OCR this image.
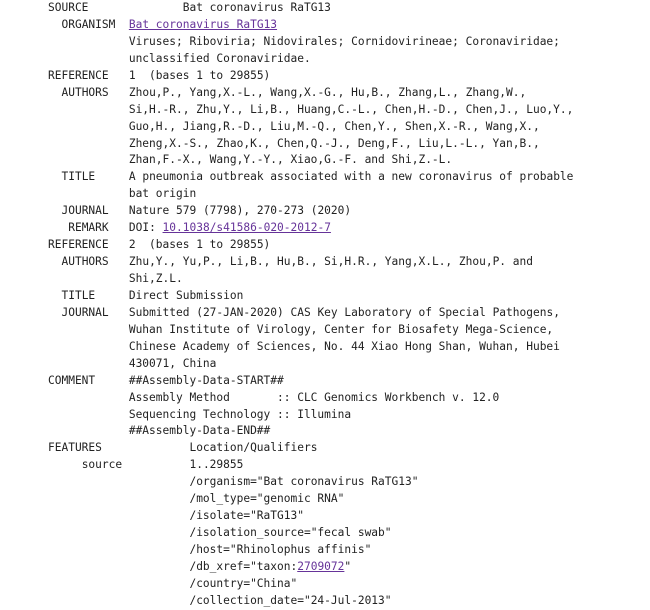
SOURCE	Bat coronavirus RaTG13
ORGANISM Bat coronavirus RaTG13
Viruses; Riboviria; Nidovirales; Cornidovirineae; Coronaviridae;
unclassified Coronaviridae.
REFERENCE 1  (bases 1 to 29855)
AUTHORS Zhou,P., Yang,X.-L., Wang,X.-G., Hu,B., Zhang,L., Zhang,W.,
Si,H.-R., Zhu,Y., Li,B., Huang,C.-L., Chen,H.-D., Chen,J., Luo,Y.,
Guo,H., Jiang,R.-D., Liu,M.-Q., Chen,Y., Shen,X.-R., Wang,X.,
Zheng,X.-S., Zhao,K., Chen,Q.-J., Deng,F., Liu,L.-L., Yan,B.,
Zhan,F.-X., Wang,Y.-Y., Xiao,G.-F. and Shi,Z.-L.
TITLE	A pneumonia outbreak associated with a new coronavirus of probable
bat origin
JOURNAL Nature 579 (7798), 270-273 (2020)
REMARK DOI: 10.1038/s41586-020-2012-7
REFERENCE 2  (bases 1 to 29855)
AUTHORS Zhu,Y., Yu,P., Li,B., Hu,B., Si,H.R., Yang,X.L., Zhou,P. and
Shi,Z.L.
TITLE	Direct Submission
JOURNAL Submitted (27-JAN-2020) CAS Key Laboratory of Special Pathogens,
Wuhan Institute of Virology, Center for Biosafety Mega-Science,
Chinese Academy of Sciences, No. 44 Xiao Hong Shan, Wuhan, Hubei
430071, China
COMMENT	##Assembly-Data-START##
Assembly Method       :: CLC Genomics Workbench v. 12.0
Sequencing Technology :: Illumina
##Assembly-Data-END##
FEATURES	Location/Qualifiers
source	1..29855
/organism="Bat coronavirus RaTG13"
/mol_type="genomic RNA"
/isolate="RaTG13"
/isolation_source="fecal swab"
/host="Rhinolophus affinis"
/db_xref="taxon:2709072"
/country="China"
/collection_date="24-Jul-2013"
